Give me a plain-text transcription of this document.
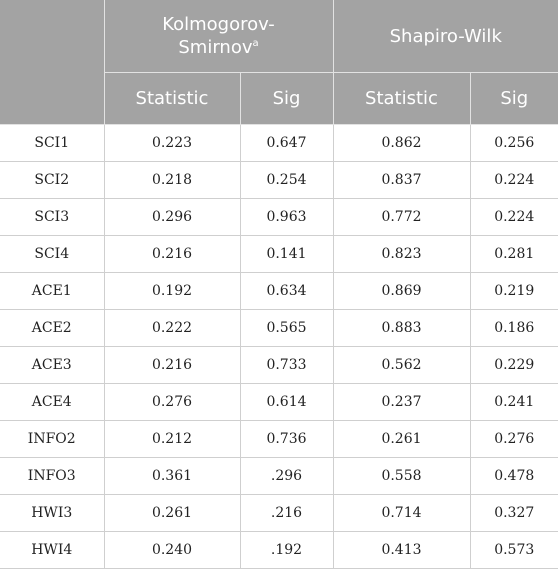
	Kolmogorov-
Smirnov$^a$		Shapiro-Wilk	
	Statistic	Sig	Statistic	Sig
SCI1	0.223	0.647	0.862	0.256
SCI2	0.218	0.254	0.837	0.224
SCI3	0.296	0.963	0.772	0.224
SCI4	0.216	0.141	0.823	0.281
ACE1	0.192	0.634	0.869	0.219
ACE2	0.222	0.565	0.883	0.186
ACE3	0.216	0.733	0.562	0.229
ACE4	0.276	0.614	0.237	0.241
INFO2	0.212	0.736	0.261	0.276
INFO3	0.361	.296	0.558	0.478
HWI3	0.261	.216	0.714	0.327
HWI4	0.240	.192	0.413	0.573
